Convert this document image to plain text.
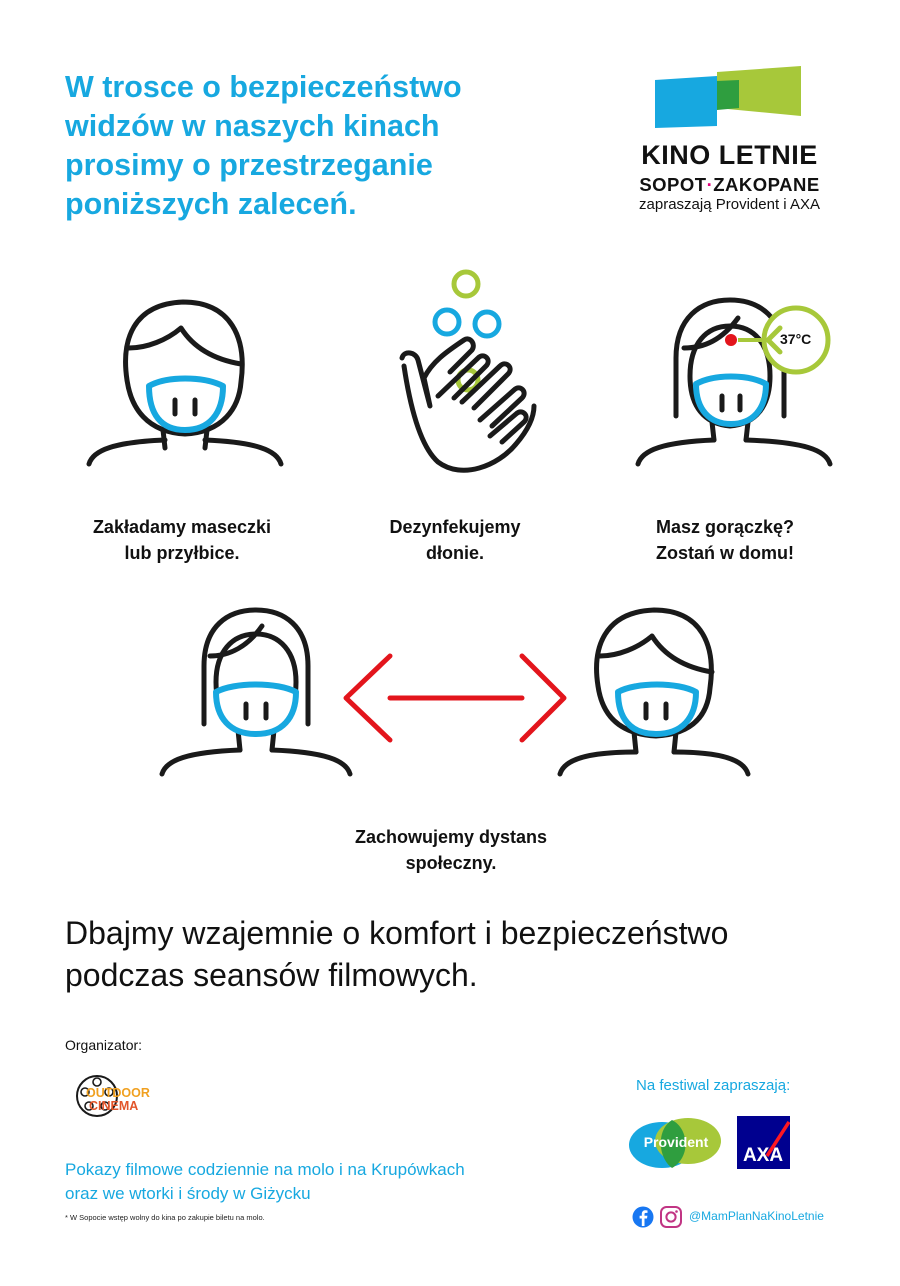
W trosce o bezpieczeństwo
widzów w naszych kinach
prosimy o przestrzeganie
poniższych zaleceń.
KINO LETNIE
SOPOT·ZAKOPANE
zapraszają Provident i AXA
37°C
Zakładamy maseczki
lub przyłbice.
Dezynfekujemy
dłonie.
Masz gorączkę?
Zostań w domu!
Zachowujemy dystans
społeczny.
Dbajmy wzajemnie o komfort i bezpieczeństwo
podczas seansów filmowych.
Organizator:
OUTDOOR
CINEMA
Pokazy filmowe codziennie na molo i na Krupówkach
oraz we wtorki i środy w Giżycku
* W Sopocie wstęp wolny do kina po zakupie biletu na molo.
Na festiwal zapraszają:
Provident
AXA
@MamPlanNaKinoLetnie
